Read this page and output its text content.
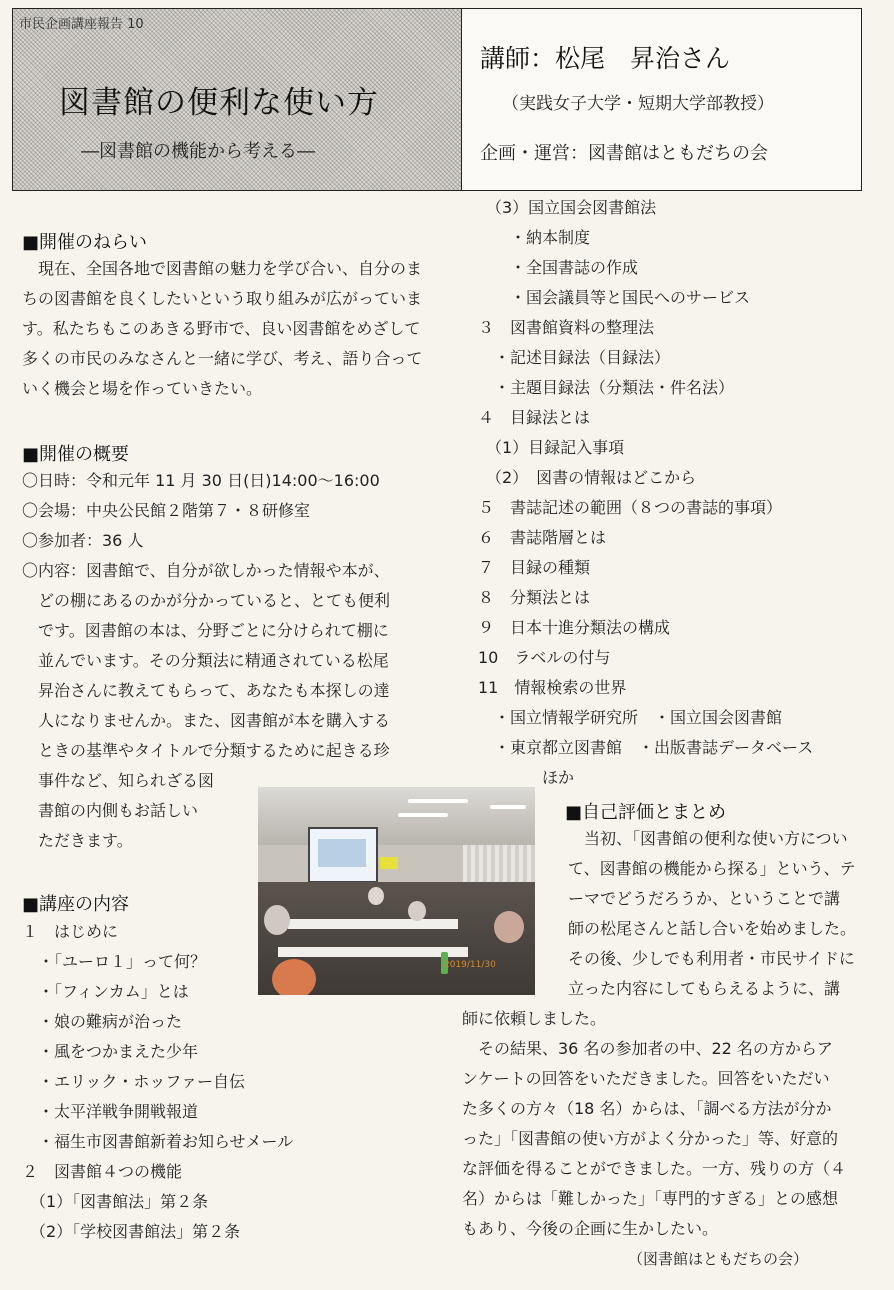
市民企画講座報告 10
図書館の便利な使い方
―図書館の機能から考える―
講師：松尾　昇治さん
（実践女子大学・短期大学部教授）
企画・運営：図書館はともだちの会
■開催のねらい
現在、全国各地で図書館の魅力を学び合い、自分のまちの図書館を良くしたいという取り組みが広がっています。私たちもこのあきる野市で、良い図書館をめざして多くの市民のみなさんと一緒に学び、考え、語り合っていく機会と場を作っていきたい。
■開催の概要
〇日時：令和元年 11 月 30 日(日)14:00～16:00
〇会場：中央公民館２階第７・８研修室
〇参加者：36 人
〇内容：図書館で、自分が欲しかった情報や本が、
　どの棚にあるのかが分かっていると、とても便利
　です。図書館の本は、分野ごとに分けられて棚に
　並んでいます。その分類法に精通されている松尾
　昇治さんに教えてもらって、あなたも本探しの達
　人になりませんか。また、図書館が本を購入する
　ときの基準やタイトルで分類するために起きる珍
　事件など、知られざる図
　書館の内側もお話しい
　ただきます。
2019/11/30
■講座の内容
１　はじめに
　・「ユーロ１」って何？
　・「フィンカム」とは
　・娘の難病が治った
　・風をつかまえた少年
　・エリック・ホッファー自伝
　・太平洋戦争開戦報道
　・福生市図書館新着お知らせメール
２　図書館４つの機能
　（1）「図書館法」第２条
　（2）「学校図書館法」第２条
　（3）国立国会図書館法
　　・納本制度
　　・全国書誌の作成
　　・国会議員等と国民へのサービス
３　図書館資料の整理法
　・記述目録法（目録法）
　・主題目録法（分類法・件名法）
４　目録法とは
　（1）目録記入事項
　（2）　図書の情報はどこから
５　書誌記述の範囲（８つの書誌的事項）
６　書誌階層とは
７　目録の種類
８　分類法とは
９　日本十進分類法の構成
10　ラベルの付与
11　情報検索の世界
　・国立情報学研究所　・国立国会図書館
　・東京都立図書館　・出版書誌データベース
　　　　ほか
■自己評価とまとめ
当初、「図書館の便利な使い方につい
て、図書館の機能から探る」という、テ
ーマでどうだろうか、ということで講
師の松尾さんと話し合いを始めました。
その後、少しでも利用者・市民サイドに
立った内容にしてもらえるように、講
師に依頼しました。
　その結果、36 名の参加者の中、22 名の方からア
ンケートの回答をいただきました。回答をいただい
た多くの方々（18 名）からは、「調べる方法が分か
った」「図書館の使い方がよく分かった」等、好意的
な評価を得ることができました。一方、残りの方（４
名）からは「難しかった」「専門的すぎる」との感想
もあり、今後の企画に生かしたい。
（図書館はともだちの会）
